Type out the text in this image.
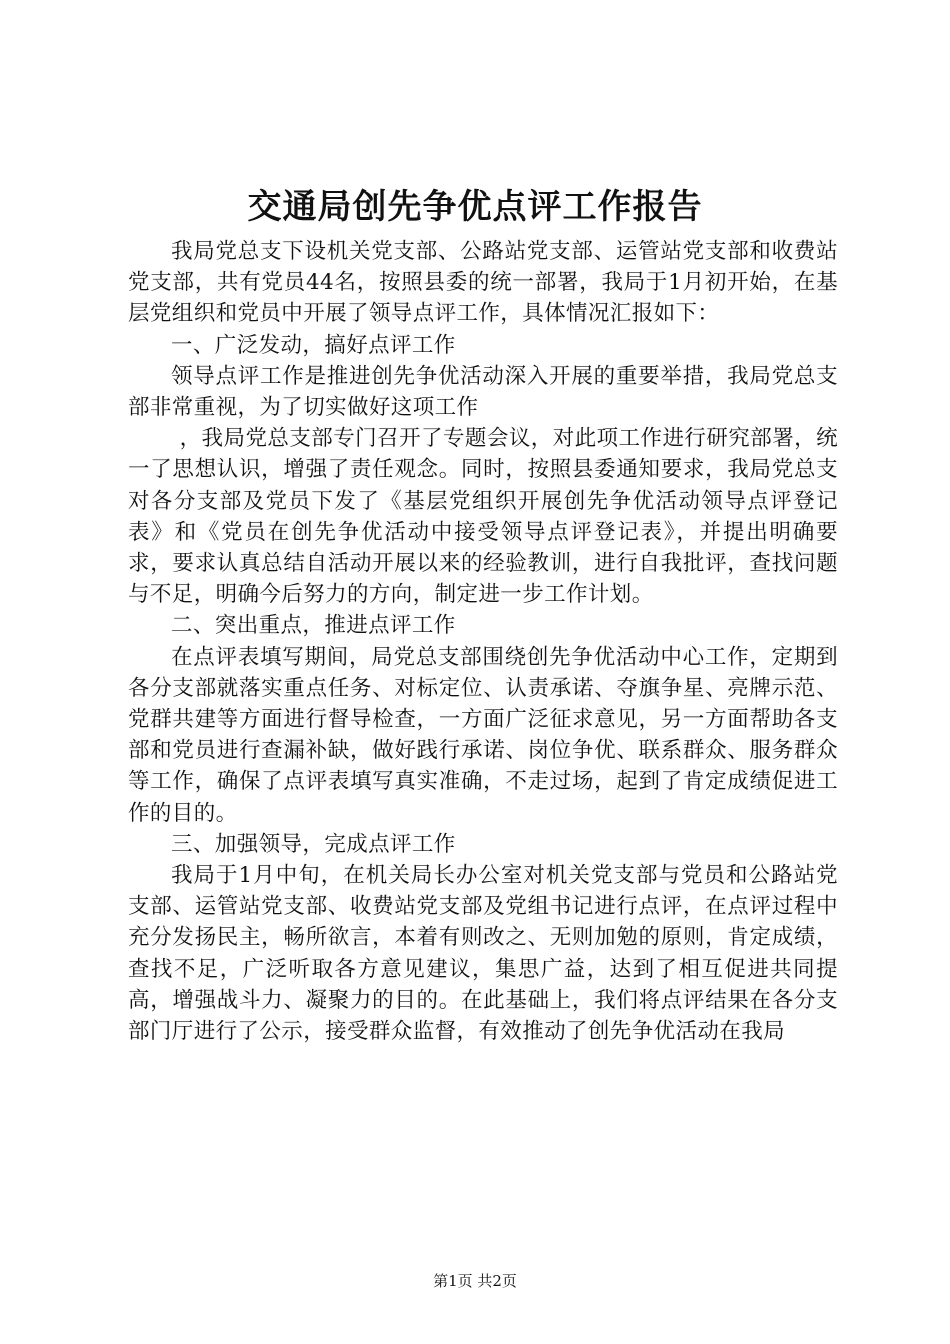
交通局创先争优点评工作报告

我局党总支下设机关党支部、公路站党支部、运管站党支部和收费站党支部，共有党员44名，按照县委的统一部署，我局于1月初开始，在基层党组织和党员中开展了领导点评工作，具体情况汇报如下：

一、广泛发动，搞好点评工作

领导点评工作是推进创先争优活动深入开展的重要举措，我局党总支部非常重视，为了切实做好这项工作

，我局党总支部专门召开了专题会议，对此项工作进行研究部署，统一了思想认识，增强了责任观念。同时，按照县委通知要求，我局党总支对各分支部及党员下发了《基层党组织开展创先争优活动领导点评登记表》和《党员在创先争优活动中接受领导点评登记表》，并提出明确要求，要求认真总结自活动开展以来的经验教训，进行自我批评，查找问题与不足，明确今后努力的方向，制定进一步工作计划。

二、突出重点，推进点评工作

在点评表填写期间，局党总支部围绕创先争优活动中心工作，定期到各分支部就落实重点任务、对标定位、认责承诺、夺旗争星、亮牌示范、党群共建等方面进行督导检查，一方面广泛征求意见，另一方面帮助各支部和党员进行查漏补缺，做好践行承诺、岗位争优、联系群众、服务群众等工作，确保了点评表填写真实准确，不走过场，起到了肯定成绩促进工作的目的。

三、加强领导，完成点评工作

我局于1月中旬，在机关局长办公室对机关党支部与党员和公路站党支部、运管站党支部、收费站党支部及党组书记进行点评，在点评过程中充分发扬民主，畅所欲言，本着有则改之、无则加勉的原则，肯定成绩，查找不足，广泛听取各方意见建议，集思广益，达到了相互促进共同提高，增强战斗力、凝聚力的目的。在此基础上，我们将点评结果在各分支部门厅进行了公示，接受群众监督，有效推动了创先争优活动在我局

第1页 共2页
